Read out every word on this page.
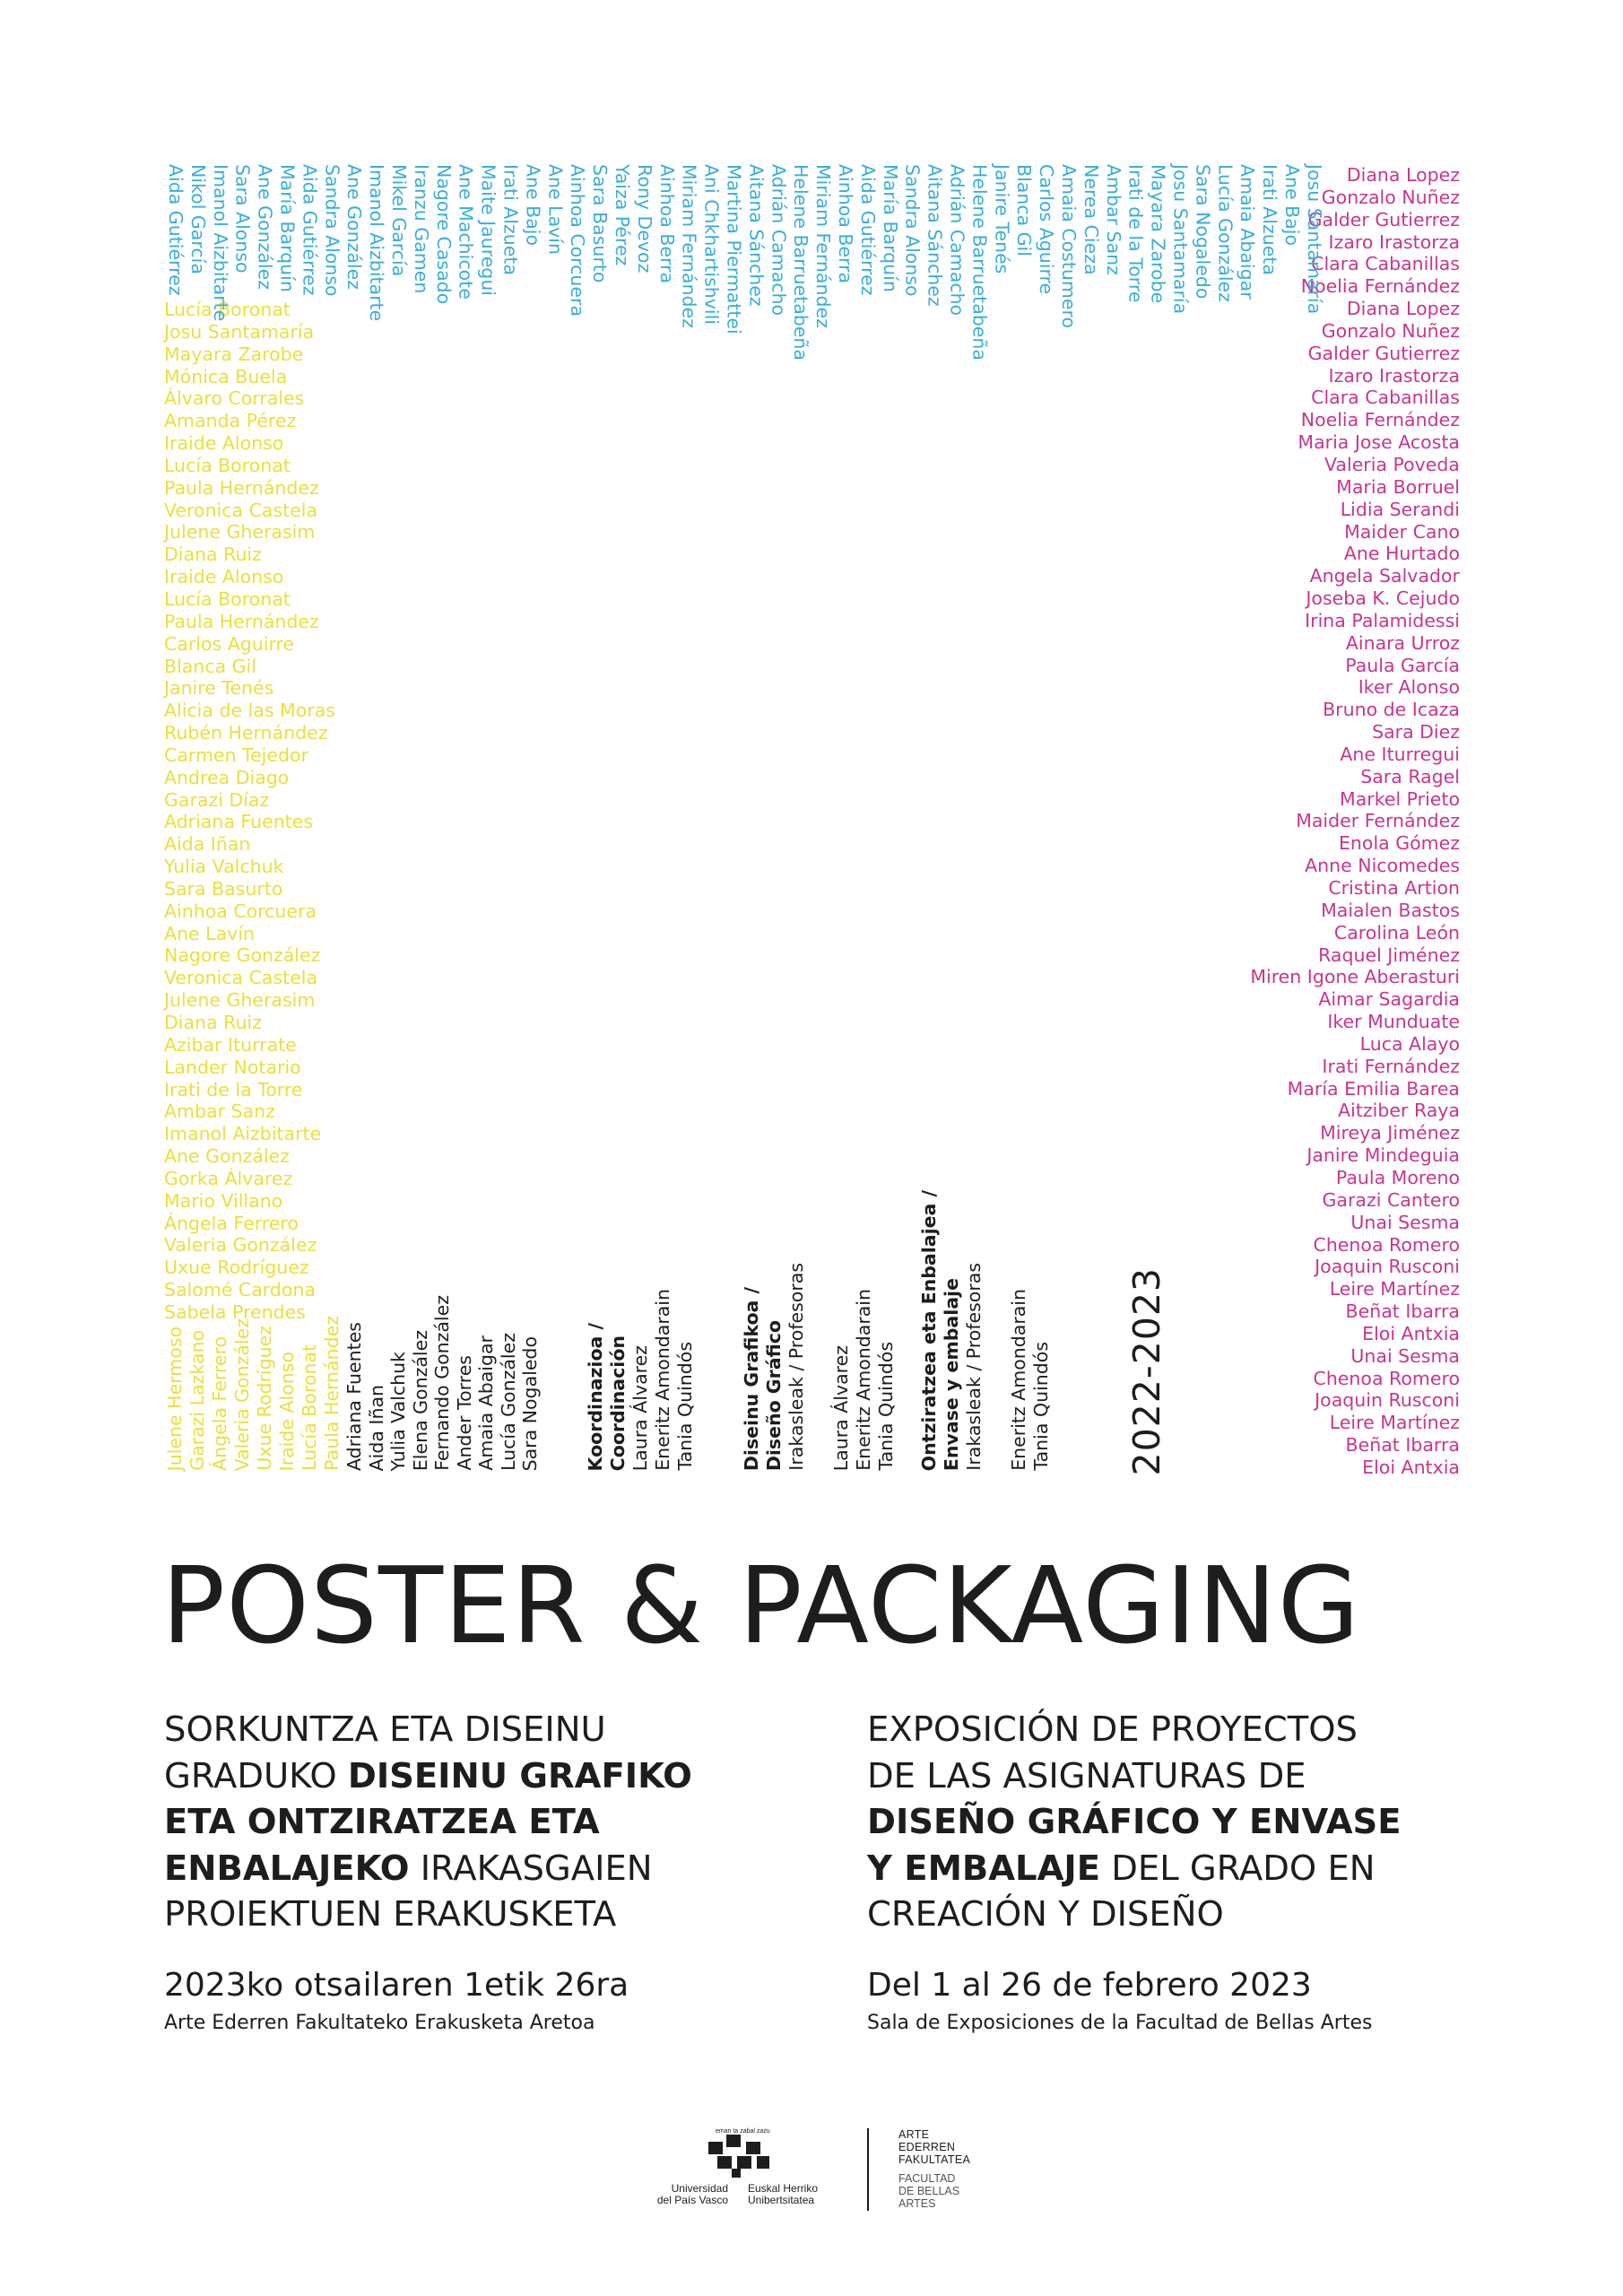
Lucía Boronat
Josu Santamaría
Mayara Zarobe
Mónica Buela
Álvaro Corrales
Amanda Pérez
Iraide Alonso
Lucía Boronat
Paula Hernández
Veronica Castela
Julene Gherasim
Diana Ruiz
Iraide Alonso
Lucía Boronat
Paula Hernández
Carlos Aguirre
Blanca Gil
Janire Tenés
Alicia de las Moras
Rubén Hernández
Carmen Tejedor
Andrea Diago
Garazi Díaz
Adriana Fuentes
Aida Iñan
Yulia Valchuk
Sara Basurto
Ainhoa Corcuera
Ane Lavín
Nagore González
Veronica Castela
Julene Gherasim
Diana Ruiz
Azibar Iturrate
Lander Notario
Irati de la Torre
Ambar Sanz
Imanol Aizbitarte
Ane González
Gorka Álvarez
Mario Villano
Ángela Ferrero
Valeria González
Uxue Rodríguez
Salomé Cardona
Sabela Prendes
Diana Lopez
Gonzalo Nuñez
Galder Gutierrez
Izaro Irastorza
Clara Cabanillas
Noelia Fernández
Diana Lopez
Gonzalo Nuñez
Galder Gutierrez
Izaro Irastorza
Clara Cabanillas
Noelia Fernández
Maria Jose Acosta
Valeria Poveda
Maria Borruel
Lidia Serandi
Maider Cano
Ane Hurtado
Angela Salvador
Joseba K. Cejudo
Irina Palamidessi
Ainara Urroz
Paula García
Iker Alonso
Bruno de Icaza
Sara Diez
Ane Iturregui
Sara Ragel
Markel Prieto
Maider Fernández
Enola Gómez
Anne Nicomedes
Cristina Artion
Maialen Bastos
Carolina León
Raquel Jiménez
Miren Igone Aberasturi
Aimar Sagardia
Iker Munduate
Luca Alayo
Irati Fernández
María Emilia Barea
Aitziber Raya
Mireya Jiménez
Janire Mindeguia
Paula Moreno
Garazi Cantero
Unai Sesma
Chenoa Romero
Joaquin Rusconi
Leire Martínez
Beñat Ibarra
Eloi Antxia
Unai Sesma
Chenoa Romero
Joaquin Rusconi
Leire Martínez
Beñat Ibarra
Eloi Antxia
Aida Gutiérrez Nikol García Imanol Aizbitarte Sara Alonso Ane González María Barquín Aida Gutiérrez Sandra Alonso Ane González Imanol Aizbitarte Mikel García Iranzu Gamen Nagore Casado Ane Machicote Maite Jauregui Irati Alzueta Ane Bajo Ane Lavín Ainhoa Corcuera Sara Basurto Yaiza Pérez Rony Devoz Ainhoa Berra Miriam Fernández Ani Chkhartishvili Martina Piermattei Aitana Sánchez Adrián Camacho Helene Barruetabeña Miriam Fernández Ainhoa Berra Aida Gutiérrez María Barquín Sandra Alonso Aitana Sánchez Adrián Camacho Helene Barruetabeña Janire Tenés Blanca Gil Carlos Aguirre Amaia Costumero Nerea Cieza Ambar Sanz Irati de la Torre Mayara Zarobe Josu Santamaría Sara Nogaledo Lucía González Amaia Abaigar Irati Alzueta Ane Bajo Josu Santamaría
Julene Hermoso Garazi Lazkano Ángela Ferrero Valeria González Uxue Rodríguez Iraide Alonso Lucía Boronat Paula Hernández Adriana Fuentes Aida Iñan Yulia Valchuk Elena González Fernando González Ander Torres Amaia Abaigar Lucía González Sara Nogaledo Koordinazioa / Coordinación Laura Álvarez Eneritz Amondarain Tania Quindós Diseinu Grafikoa / Diseño Gráfico Irakasleak / Profesoras Laura Álvarez Eneritz Amondarain Tania Quindós Ontziratzea eta Enbalajea / Envase y embalaje Irakasleak / Profesoras Eneritz Amondarain Tania Quindós 2022-2023
POSTER & PACKAGING
SORKUNTZA ETA DISEINU
GRADUKO DISEINU GRAFIKO
ETA ONTZIRATZEA ETA
ENBALAJEKO IRAKASGAIEN
PROIEKTUEN ERAKUSKETA
EXPOSICIÓN DE PROYECTOS
DE LAS ASIGNATURAS DE
DISEÑO GRÁFICO Y ENVASE
Y EMBALAJE DEL GRADO EN
CREACIÓN Y DISEÑO
2023ko otsailaren 1etik 26ra
Arte Ederren Fakultateko Erakusketa Aretoa
Del 1 al 26 de febrero 2023
Sala de Exposiciones de la Facultad de Bellas Artes
eman ta zabal zazu
Universidad
del País Vasco
Euskal Herriko
Unibertsitatea
ARTE
EDERREN
FAKULTATEA
FACULTAD
DE BELLAS
ARTES
